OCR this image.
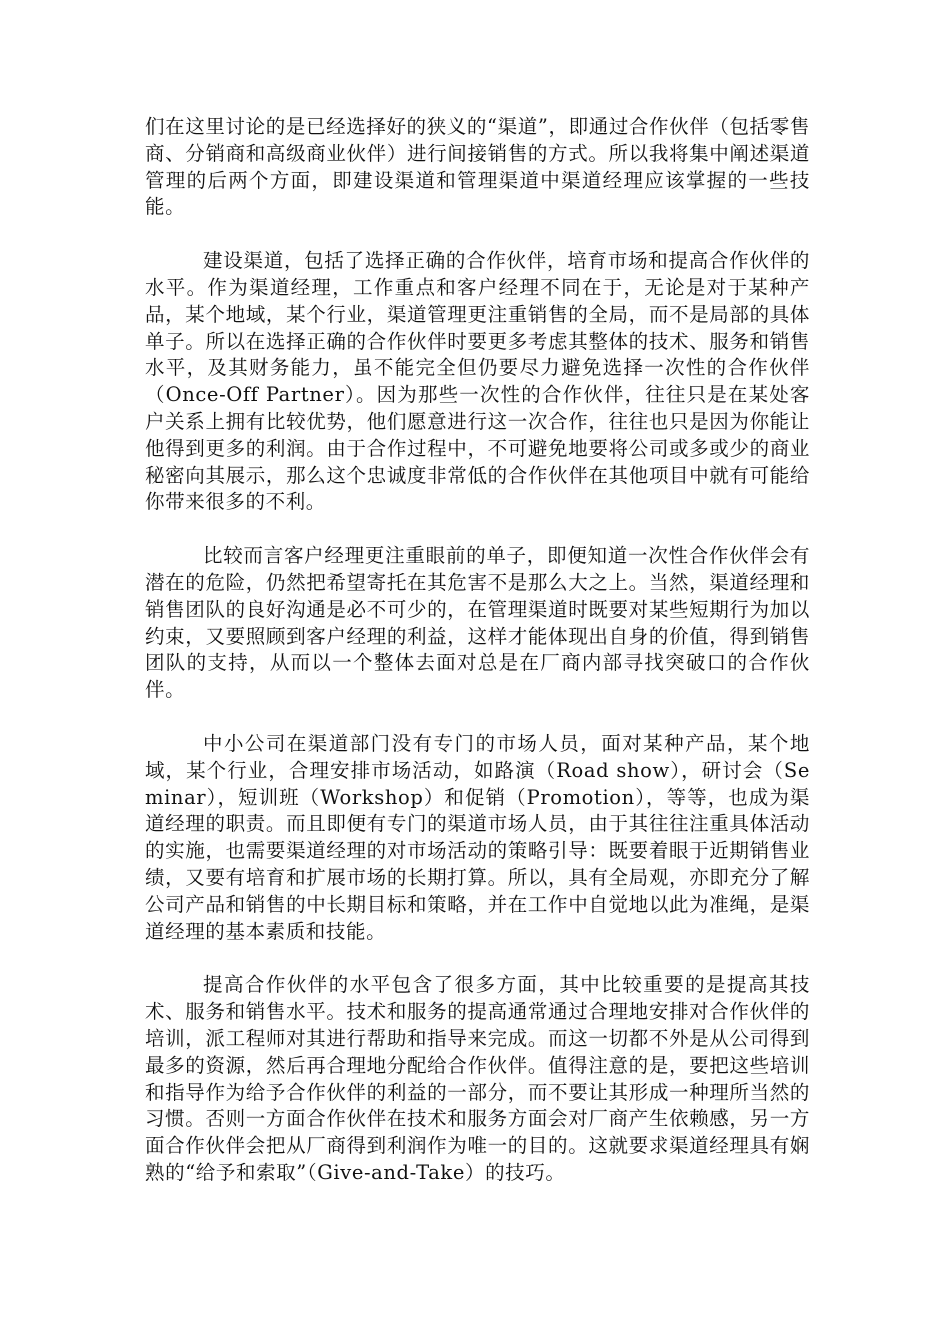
们在这里讨论的是已经选择好的狭义的“渠道”，即通过合作伙伴（包括零售商、分销商和高级商业伙伴）进行间接销售的方式。所以我将集中阐述渠道管理的后两个方面，即建设渠道和管理渠道中渠道经理应该掌握的一些技能。

建设渠道，包括了选择正确的合作伙伴，培育市场和提高合作伙伴的水平。作为渠道经理，工作重点和客户经理不同在于，无论是对于某种产品，某个地域，某个行业，渠道管理更注重销售的全局，而不是局部的具体单子。所以在选择正确的合作伙伴时要更多考虑其整体的技术、服务和销售水平，及其财务能力，虽不能完全但仍要尽力避免选择一次性的合作伙伴（Once-Off Partner）。因为那些一次性的合作伙伴，往往只是在某处客户关系上拥有比较优势，他们愿意进行这一次合作，往往也只是因为你能让他得到更多的利润。由于合作过程中，不可避免地要将公司或多或少的商业秘密向其展示，那么这个忠诚度非常低的合作伙伴在其他项目中就有可能给你带来很多的不利。

比较而言客户经理更注重眼前的单子，即便知道一次性合作伙伴会有潜在的危险，仍然把希望寄托在其危害不是那么大之上。当然，渠道经理和销售团队的良好沟通是必不可少的，在管理渠道时既要对某些短期行为加以约束，又要照顾到客户经理的利益，这样才能体现出自身的价值，得到销售团队的支持，从而以一个整体去面对总是在厂商内部寻找突破口的合作伙伴。

中小公司在渠道部门没有专门的市场人员，面对某种产品，某个地域，某个行业，合理安排市场活动，如路演（Road show），研讨会（Seminar），短训班（Workshop）和促销（Promotion），等等，也成为渠道经理的职责。而且即便有专门的渠道市场人员，由于其往往注重具体活动的实施，也需要渠道经理的对市场活动的策略引导：既要着眼于近期销售业绩，又要有培育和扩展市场的长期打算。所以，具有全局观，亦即充分了解公司产品和销售的中长期目标和策略，并在工作中自觉地以此为准绳，是渠道经理的基本素质和技能。

提高合作伙伴的水平包含了很多方面，其中比较重要的是提高其技术、服务和销售水平。技术和服务的提高通常通过合理地安排对合作伙伴的培训，派工程师对其进行帮助和指导来完成。而这一切都不外是从公司得到最多的资源，然后再合理地分配给合作伙伴。值得注意的是，要把这些培训和指导作为给予合作伙伴的利益的一部分，而不要让其形成一种理所当然的习惯。否则一方面合作伙伴在技术和服务方面会对厂商产生依赖感，另一方面合作伙伴会把从厂商得到利润作为唯一的目的。这就要求渠道经理具有娴熟的“给予和索取”（Give-and-Take）的技巧。
